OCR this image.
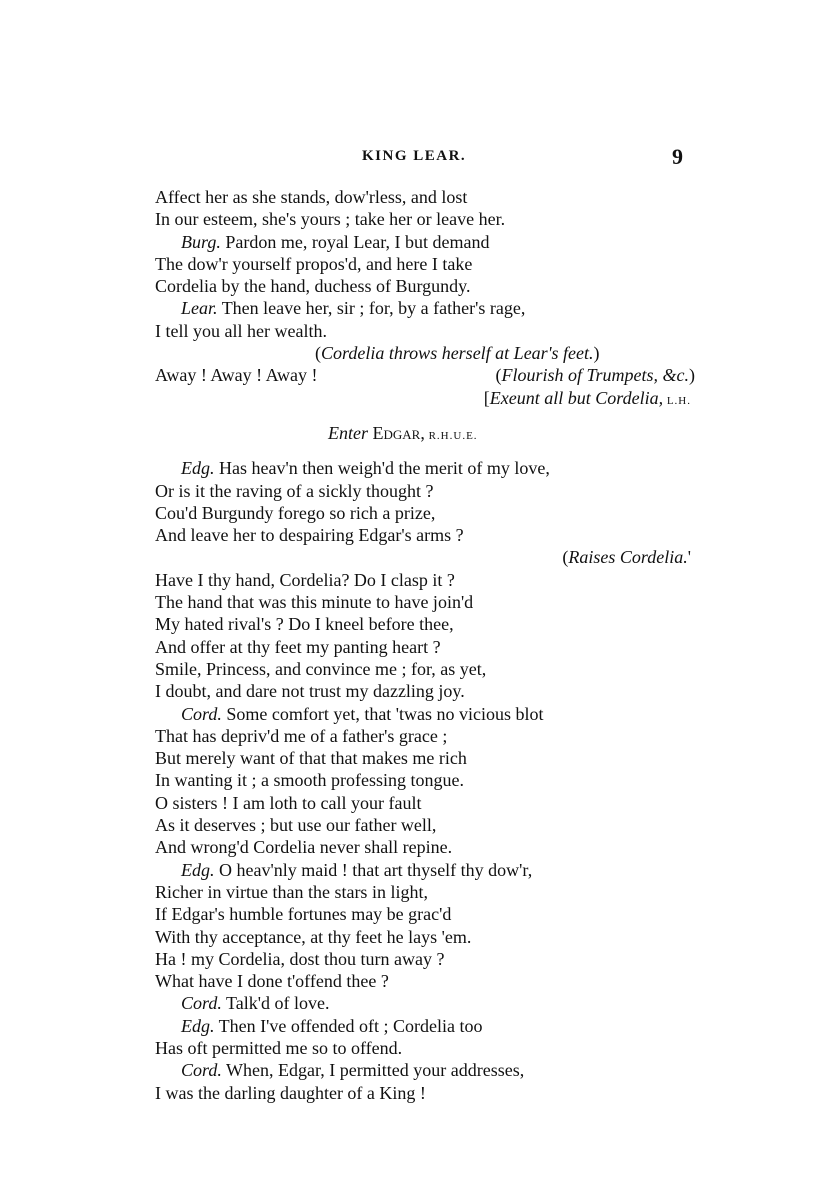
KING LEAR.	9
Affect her as she stands, dow'rless, and lost
In our esteem, she's yours ; take her or leave her.
Burg. Pardon me, royal Lear, I but demand
The dow'r yourself propos'd, and here I take
Cordelia by the hand, duchess of Burgundy.
Lear. Then leave her, sir ; for, by a father's rage,
I tell you all her wealth.
(Cordelia throws herself at Lear's feet.)
Away ! Away ! Away !	(Flourish of Trumpets, &c.)
[Exeunt all but Cordelia, L.H.
Enter Edgar, R.H.U.E.
Edg. Has heav'n then weigh'd the merit of my love,
Or is it the raving of a sickly thought ?
Cou'd Burgundy forego so rich a prize,
And leave her to despairing Edgar's arms ?
(Raises Cordelia.'
Have I thy hand, Cordelia? Do I clasp it ?
The hand that was this minute to have join'd
My hated rival's ? Do I kneel before thee,
And offer at thy feet my panting heart ?
Smile, Princess, and convince me ; for, as yet,
I doubt, and dare not trust my dazzling joy.
Cord. Some comfort yet, that 'twas no vicious blot
That has depriv'd me of a father's grace ;
But merely want of that that makes me rich
In wanting it ; a smooth professing tongue.
O sisters ! I am loth to call your fault
As it deserves ; but use our father well,
And wrong'd Cordelia never shall repine.
Edg. O heav'nly maid ! that art thyself thy dow'r,
Richer in virtue than the stars in light,
If Edgar's humble fortunes may be grac'd
With thy acceptance, at thy feet he lays 'em.
Ha ! my Cordelia, dost thou turn away ?
What have I done t'offend thee ?
Cord. Talk'd of love.
Edg. Then I've offended oft ; Cordelia too
Has oft permitted me so to offend.
Cord. When, Edgar, I permitted your addresses,
I was the darling daughter of a King !
